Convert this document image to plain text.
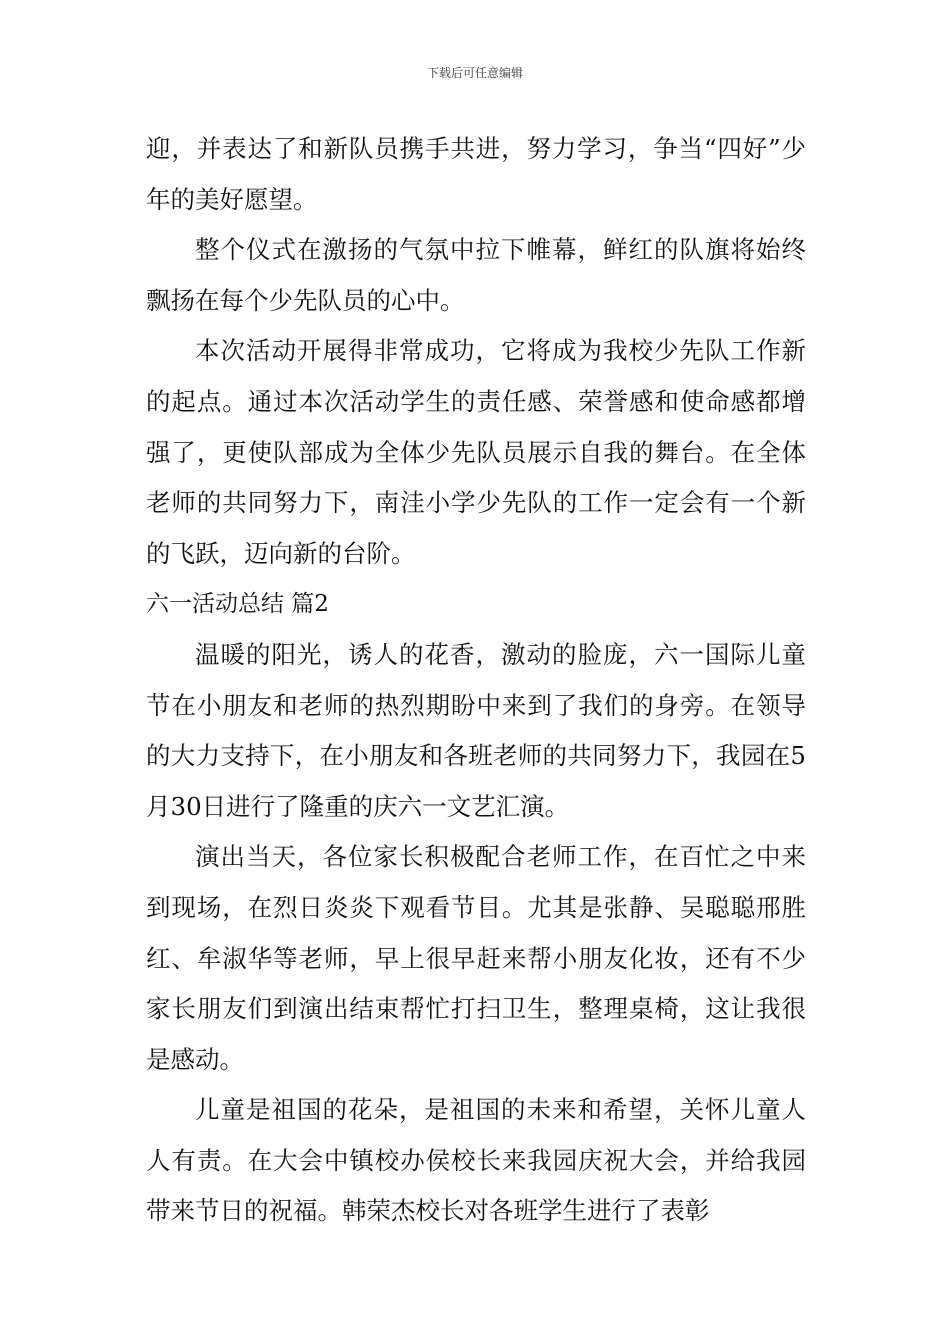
下载后可任意编辑

迎，并表达了和新队员携手共进，努力学习，争当“四好”少年的美好愿望。

整个仪式在激扬的气氛中拉下帷幕，鲜红的队旗将始终飘扬在每个少先队员的心中。

本次活动开展得非常成功，它将成为我校少先队工作新的起点。通过本次活动学生的责任感、荣誉感和使命感都增强了，更使队部成为全体少先队员展示自我的舞台。在全体老师的共同努力下，南洼小学少先队的工作一定会有一个新的飞跃，迈向新的台阶。

六一活动总结 篇2

温暖的阳光，诱人的花香，激动的脸庞，六一国际儿童节在小朋友和老师的热烈期盼中来到了我们的身旁。在领导的大力支持下，在小朋友和各班老师的共同努力下，我园在5月30日进行了隆重的庆六一文艺汇演。

演出当天，各位家长积极配合老师工作，在百忙之中来到现场，在烈日炎炎下观看节目。尤其是张静、吴聪聪邢胜红、牟淑华等老师，早上很早赶来帮小朋友化妆，还有不少家长朋友们到演出结束帮忙打扫卫生，整理桌椅，这让我很是感动。

儿童是祖国的花朵，是祖国的未来和希望，关怀儿童人人有责。在大会中镇校办侯校长来我园庆祝大会，并给我园带来节日的祝福。韩荣杰校长对各班学生进行了表彰
